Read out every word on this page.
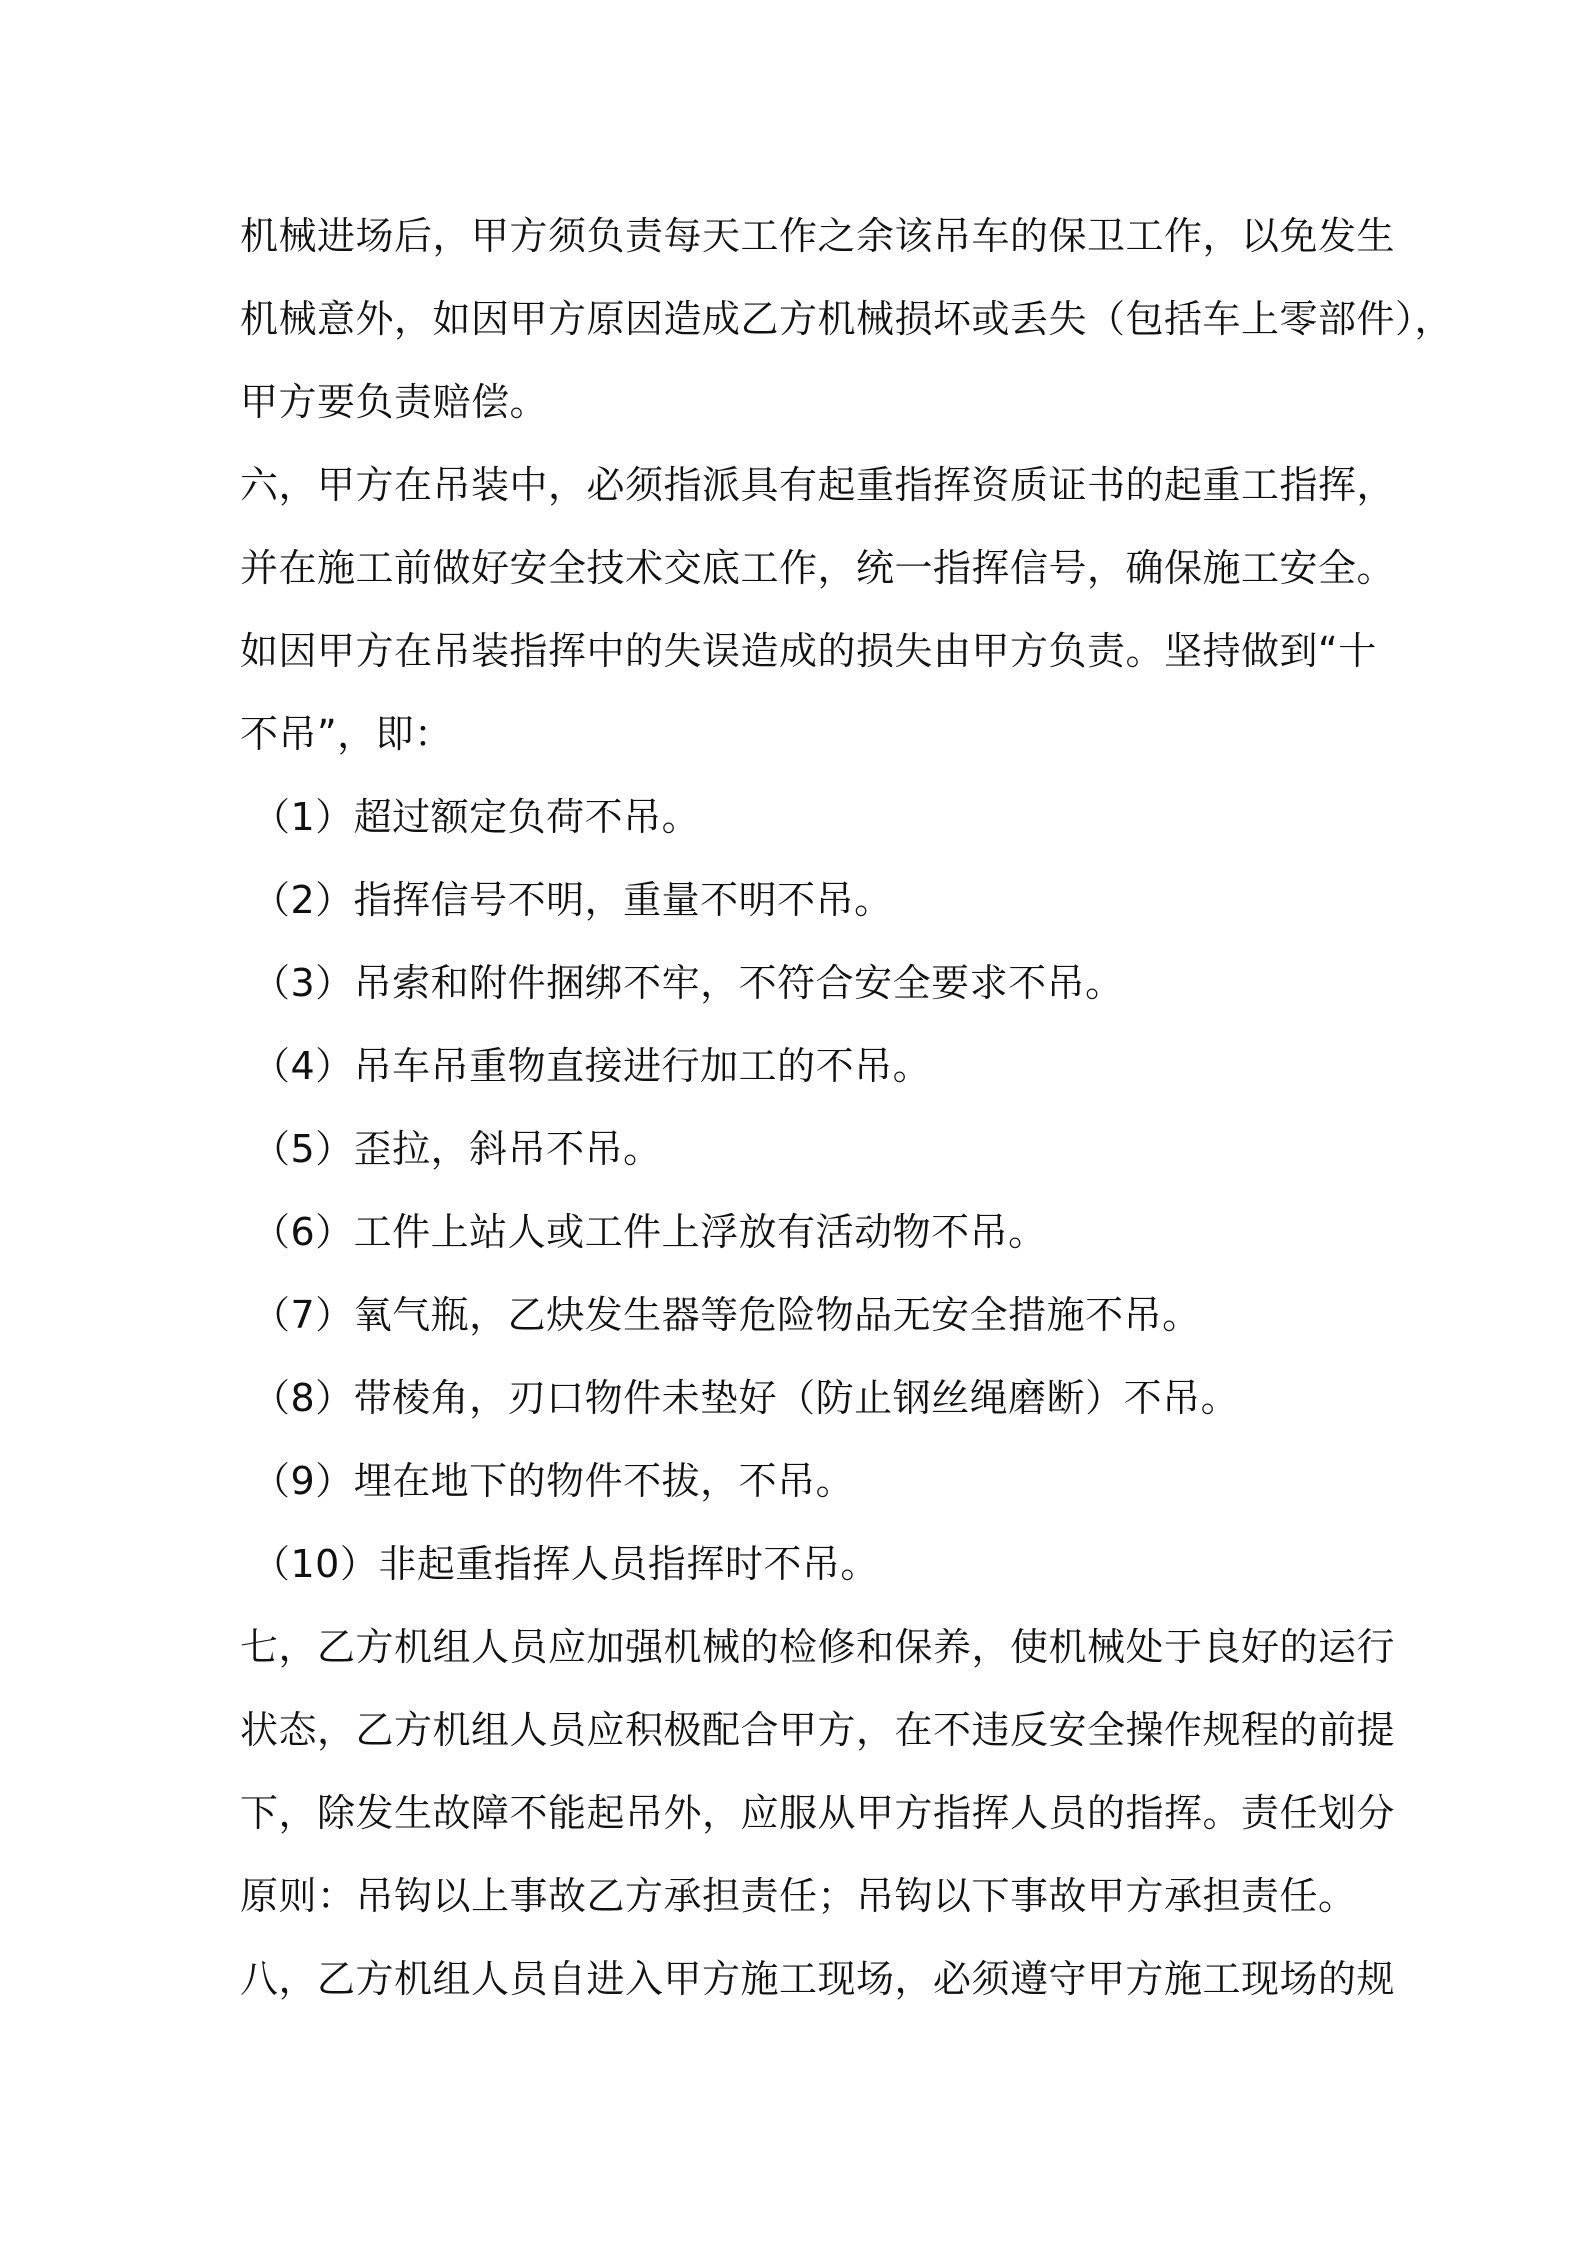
机械进场后，甲方须负责每天工作之余该吊车的保卫工作，以免发生
机械意外，如因甲方原因造成乙方机械损坏或丢失（包括车上零部件），
甲方要负责赔偿。
六，甲方在吊装中，必须指派具有起重指挥资质证书的起重工指挥，
并在施工前做好安全技术交底工作，统一指挥信号，确保施工安全。
如因甲方在吊装指挥中的失误造成的损失由甲方负责。坚持做到“十
不吊”，即：
（1）超过额定负荷不吊。
（2）指挥信号不明，重量不明不吊。
（3）吊索和附件捆绑不牢，不符合安全要求不吊。
（4）吊车吊重物直接进行加工的不吊。
（5）歪拉，斜吊不吊。
（6）工件上站人或工件上浮放有活动物不吊。
（7）氧气瓶，乙炔发生器等危险物品无安全措施不吊。
（8）带棱角，刃口物件未垫好（防止钢丝绳磨断）不吊。
（9）埋在地下的物件不拔，不吊。
（10）非起重指挥人员指挥时不吊。
七，乙方机组人员应加强机械的检修和保养，使机械处于良好的运行
状态，乙方机组人员应积极配合甲方，在不违反安全操作规程的前提
下，除发生故障不能起吊外，应服从甲方指挥人员的指挥。责任划分
原则：吊钩以上事故乙方承担责任；吊钩以下事故甲方承担责任。
八，乙方机组人员自进入甲方施工现场，必须遵守甲方施工现场的规
